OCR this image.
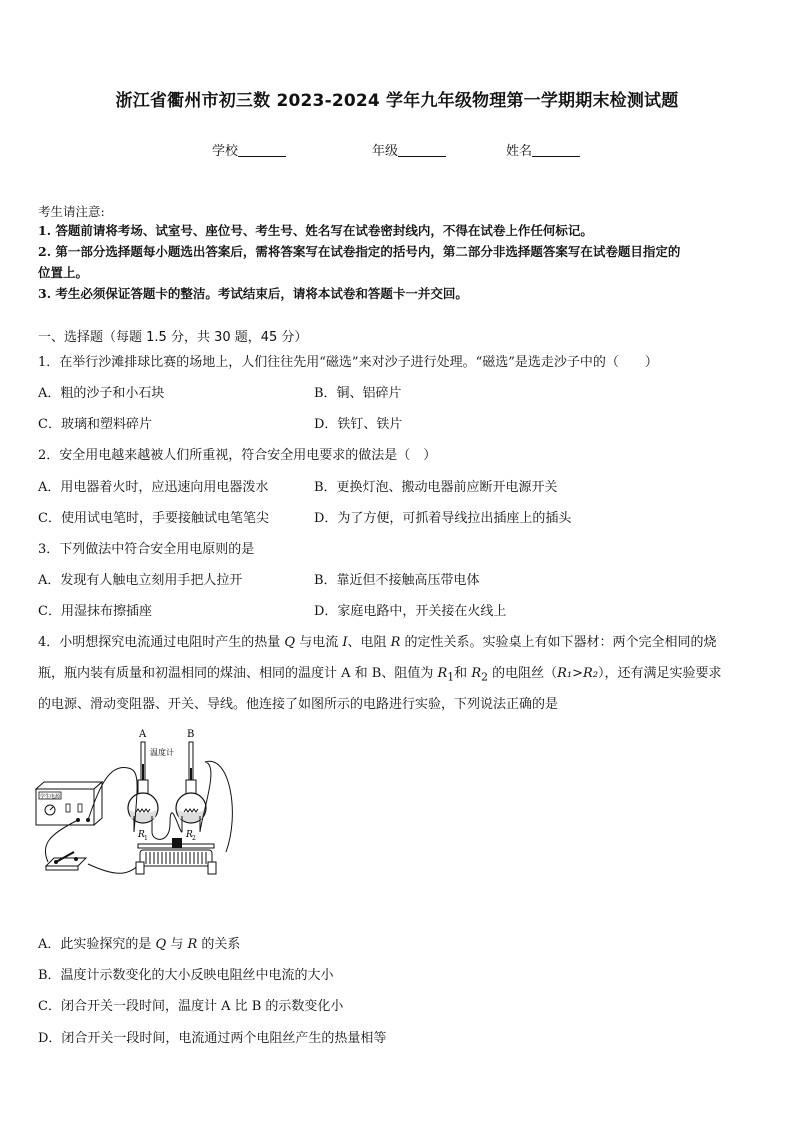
浙江省衢州市初三数 2023-2024 学年九年级物理第一学期期末检测试题
学校	年级	姓名
考生请注意:
1. 答题前请将考场、试室号、座位号、考生号、姓名写在试卷密封线内，不得在试卷上作任何标记。
2. 第一部分选择题每小题选出答案后，需将答案写在试卷指定的括号内，第二部分非选择题答案写在试卷题目指定的
位置上。
3. 考生必须保证答题卡的整洁。考试结束后，请将本试卷和答题卡一并交回。
一、选择题（每题 1.5 分，共 30 题，45 分）
1．在举行沙滩排球比赛的场地上，人们往往先用“磁选”来对沙子进行处理。“磁选”是选走沙子中的（　　）
A．粗的沙子和小石块	B．铜、铝碎片
C．玻璃和塑料碎片	D．铁钉、铁片
2．安全用电越来越被人们所重视，符合安全用电要求的做法是（　）
A．用电器着火时，应迅速向用电器泼水	B．更换灯泡、搬动电器前应断开电源开关
C．使用试电笔时，手要接触试电笔笔尖	D．为了方便，可抓着导线拉出插座上的插头
3．下列做法中符合安全用电原则的是
A．发现有人触电立刻用手把人拉开	B．靠近但不接触高压带电体
C．用湿抹布擦插座	D．家庭电路中，开关接在火线上
4．小明想探究电流通过电阻时产生的热量 Q 与电流 I、电阻 R 的定性关系。实验桌上有如下器材：两个完全相同的烧
瓶，瓶内装有质量和初温相同的煤油、相同的温度计 A 和 B、阻值为 $R_1$和 $R_2$ 的电阻丝（R₁>R₂），还有满足实验要求
的电源、滑动变阻器、开关、导线。他连接了如图所示的电路进行实验，下列说法正确的是
A	B
温度计
R 1	R 2
学生电源
A．此实验探究的是 Q 与 R 的关系
B．温度计示数变化的大小反映电阻丝中电流的大小
C．闭合开关一段时间，温度计 A 比 B 的示数变化小
D．闭合开关一段时间，电流通过两个电阻丝产生的热量相等
